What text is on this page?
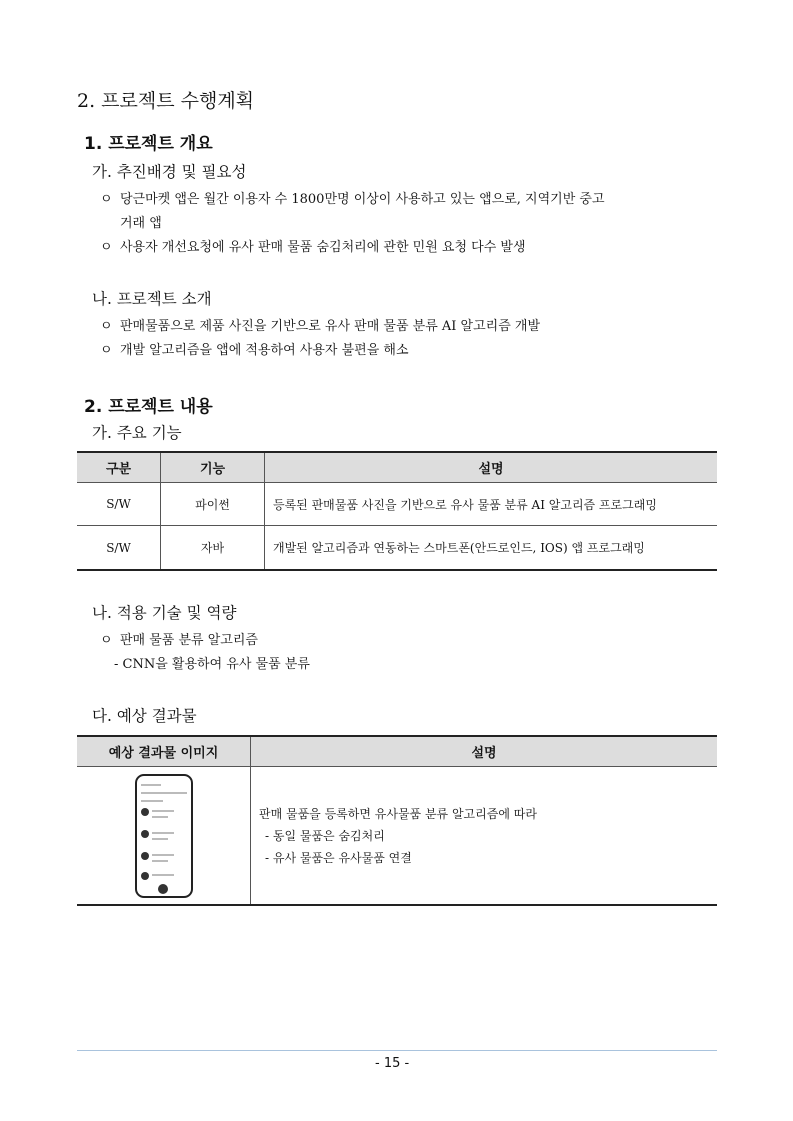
2. 프로젝트 수행계획
1. 프로젝트 개요
가. 추진배경 및 필요성
ㅇ 당근마켓 앱은 월간 이용자 수 1800만명 이상이 사용하고 있는 앱으로, 지역기반 중고
거래 앱
ㅇ 사용자 개선요청에 유사 판매 물품 숨김처리에 관한 민원 요청 다수 발생
나. 프로젝트 소개
ㅇ 판매물품으로 제품 사진을 기반으로 유사 판매 물품 분류 AI 알고리즘 개발
ㅇ 개발 알고리즘을 앱에 적용하여 사용자 불편을 해소
2. 프로젝트 내용
가. 주요 기능
구분	기능	설명
S/W	파이썬	등록된 판매물품 사진을 기반으로 유사 물품 분류 AI 알고리즘 프로그래밍
S/W	자바	개발된 알고리즘과 연동하는 스마트폰(안드로인드, IOS) 앱 프로그래밍
나. 적용 기술 및 역량
ㅇ 판매 물품 분류 알고리즘
- CNN을 활용하여 유사 물품 분류
다. 예상 결과물
예상 결과물 이미지	설명

	판매 물품을 등록하면 유사물품 분류 알고리즘에 따라
- 동일 물품은 숨김처리
- 유사 물품은 유사물품 연결
- 15 -
